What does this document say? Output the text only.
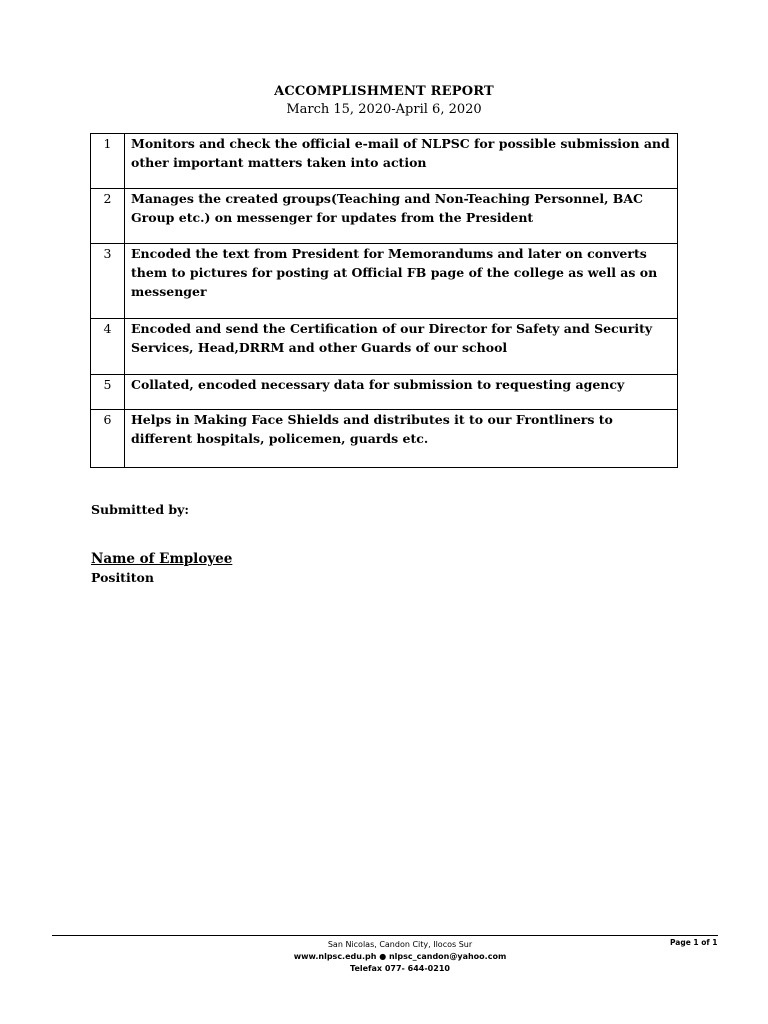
ACCOMPLISHMENT REPORT
March 15, 2020-April 6, 2020
1	Monitors and check the official e-mail of NLPSC for possible submission and other important matters taken into action
2	Manages the created groups(Teaching and Non-Teaching Personnel, BAC Group etc.) on messenger for updates from the President
3	Encoded the text from President for Memorandums and later on converts them to pictures for posting at Official FB page of the college as well as on messenger
4	Encoded and send the Certification of our Director for Safety and Security Services, Head,DRRM and other Guards of our school
5	Collated, encoded necessary data for submission to requesting agency
6	Helps in Making Face Shields and distributes it to our Frontliners to different hospitals, policemen, guards etc.
Submitted by:
Name of Employee
Posititon
San Nicolas, Candon City, Ilocos Sur
www.nlpsc.edu.ph ● nlpsc_candon@yahoo.com
Telefax 077- 644-0210
Page 1 of 1
